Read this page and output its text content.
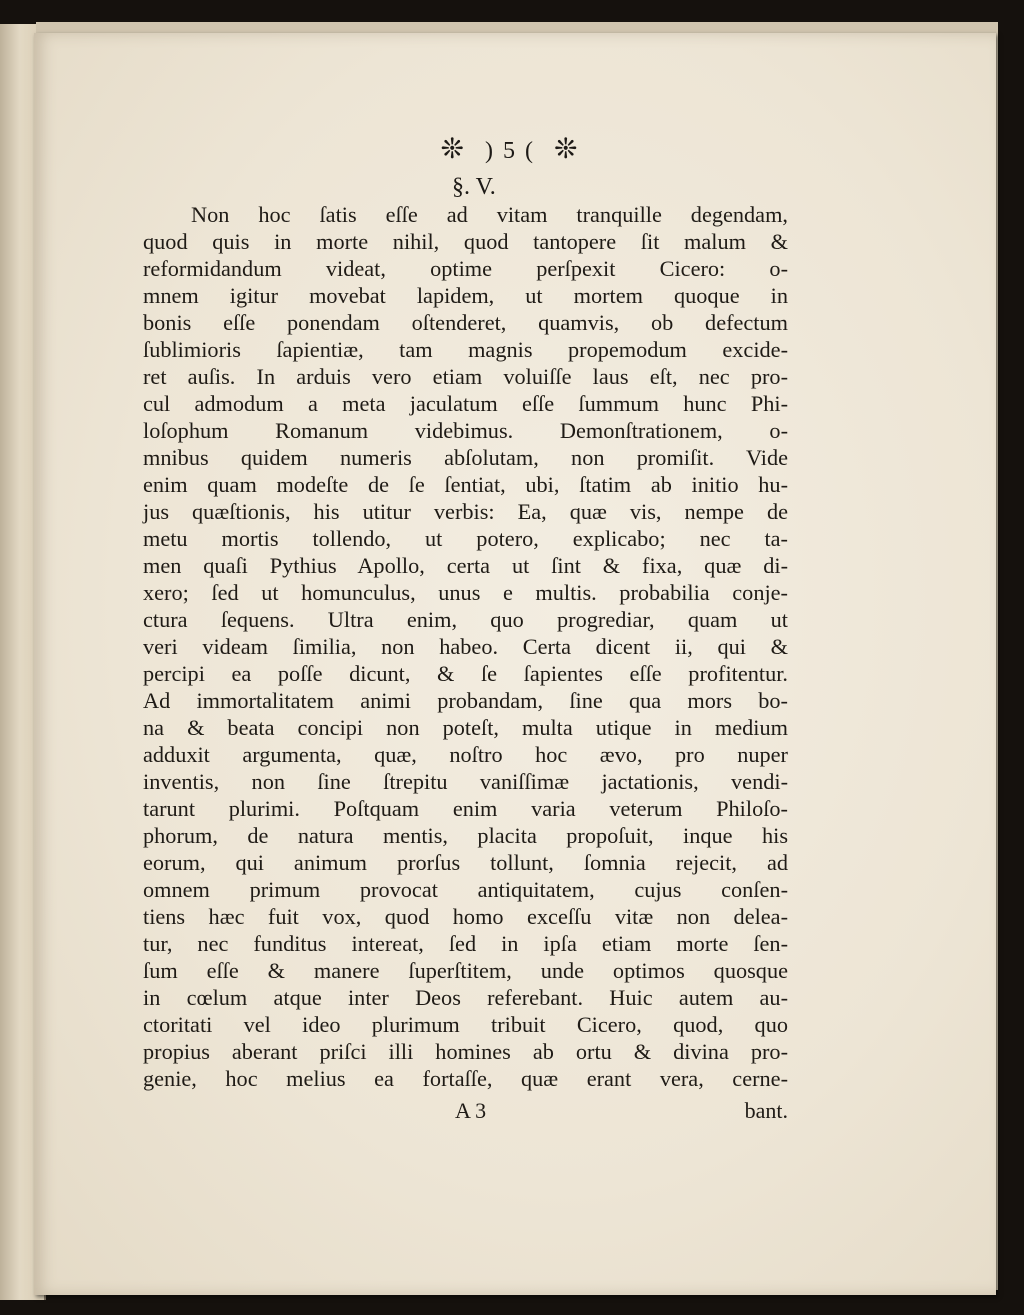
❊ ) 5 ( ❊
§. V.
Non hoc ſatis eſſe ad vitam tranquille degendam,
quod quis in morte nihil, quod tantopere ſit malum &
reformidandum videat, optime perſpexit Cicero: o-
mnem igitur movebat lapidem, ut mortem quoque in
bonis eſſe ponendam oſtenderet, quamvis, ob defectum
ſublimioris ſapientiæ, tam magnis propemodum excide-
ret auſis. In arduis vero etiam voluiſſe laus eſt, nec pro-
cul admodum a meta jaculatum eſſe ſummum hunc Phi-
loſophum Romanum videbimus. Demonſtrationem, o-
mnibus quidem numeris abſolutam, non promiſit. Vide
enim quam modeſte de ſe ſentiat, ubi, ſtatim ab initio hu-
jus quæſtionis, his utitur verbis: Ea, quæ vis, nempe de
metu mortis tollendo, ut potero, explicabo; nec ta-
men quaſi Pythius Apollo, certa ut ſint & fixa, quæ di-
xero; ſed ut homunculus, unus e multis. probabilia conje-
ctura ſequens. Ultra enim, quo progrediar, quam ut
veri videam ſimilia, non habeo. Certa dicent ii, qui &
percipi ea poſſe dicunt, & ſe ſapientes eſſe profitentur.
Ad immortalitatem animi probandam, ſine qua mors bo-
na & beata concipi non poteſt, multa utique in medium
adduxit argumenta, quæ, noſtro hoc ævo, pro nuper
inventis, non ſine ſtrepitu vaniſſimæ jactationis, vendi-
tarunt plurimi. Poſtquam enim varia veterum Philoſo-
phorum, de natura mentis, placita propoſuit, inque his
eorum, qui animum prorſus tollunt, ſomnia rejecit, ad
omnem primum provocat antiquitatem, cujus conſen-
tiens hæc fuit vox, quod homo exceſſu vitæ non delea-
tur, nec funditus intereat, ſed in ipſa etiam morte ſen-
ſum eſſe & manere ſuperſtitem, unde optimos quosque
in cœlum atque inter Deos referebant. Huic autem au-
ctoritati vel ideo plurimum tribuit Cicero, quod, quo
propius aberant priſci illi homines ab ortu & divina pro-
genie, hoc melius ea fortaſſe, quæ erant vera, cerne-
A 3	bant.
